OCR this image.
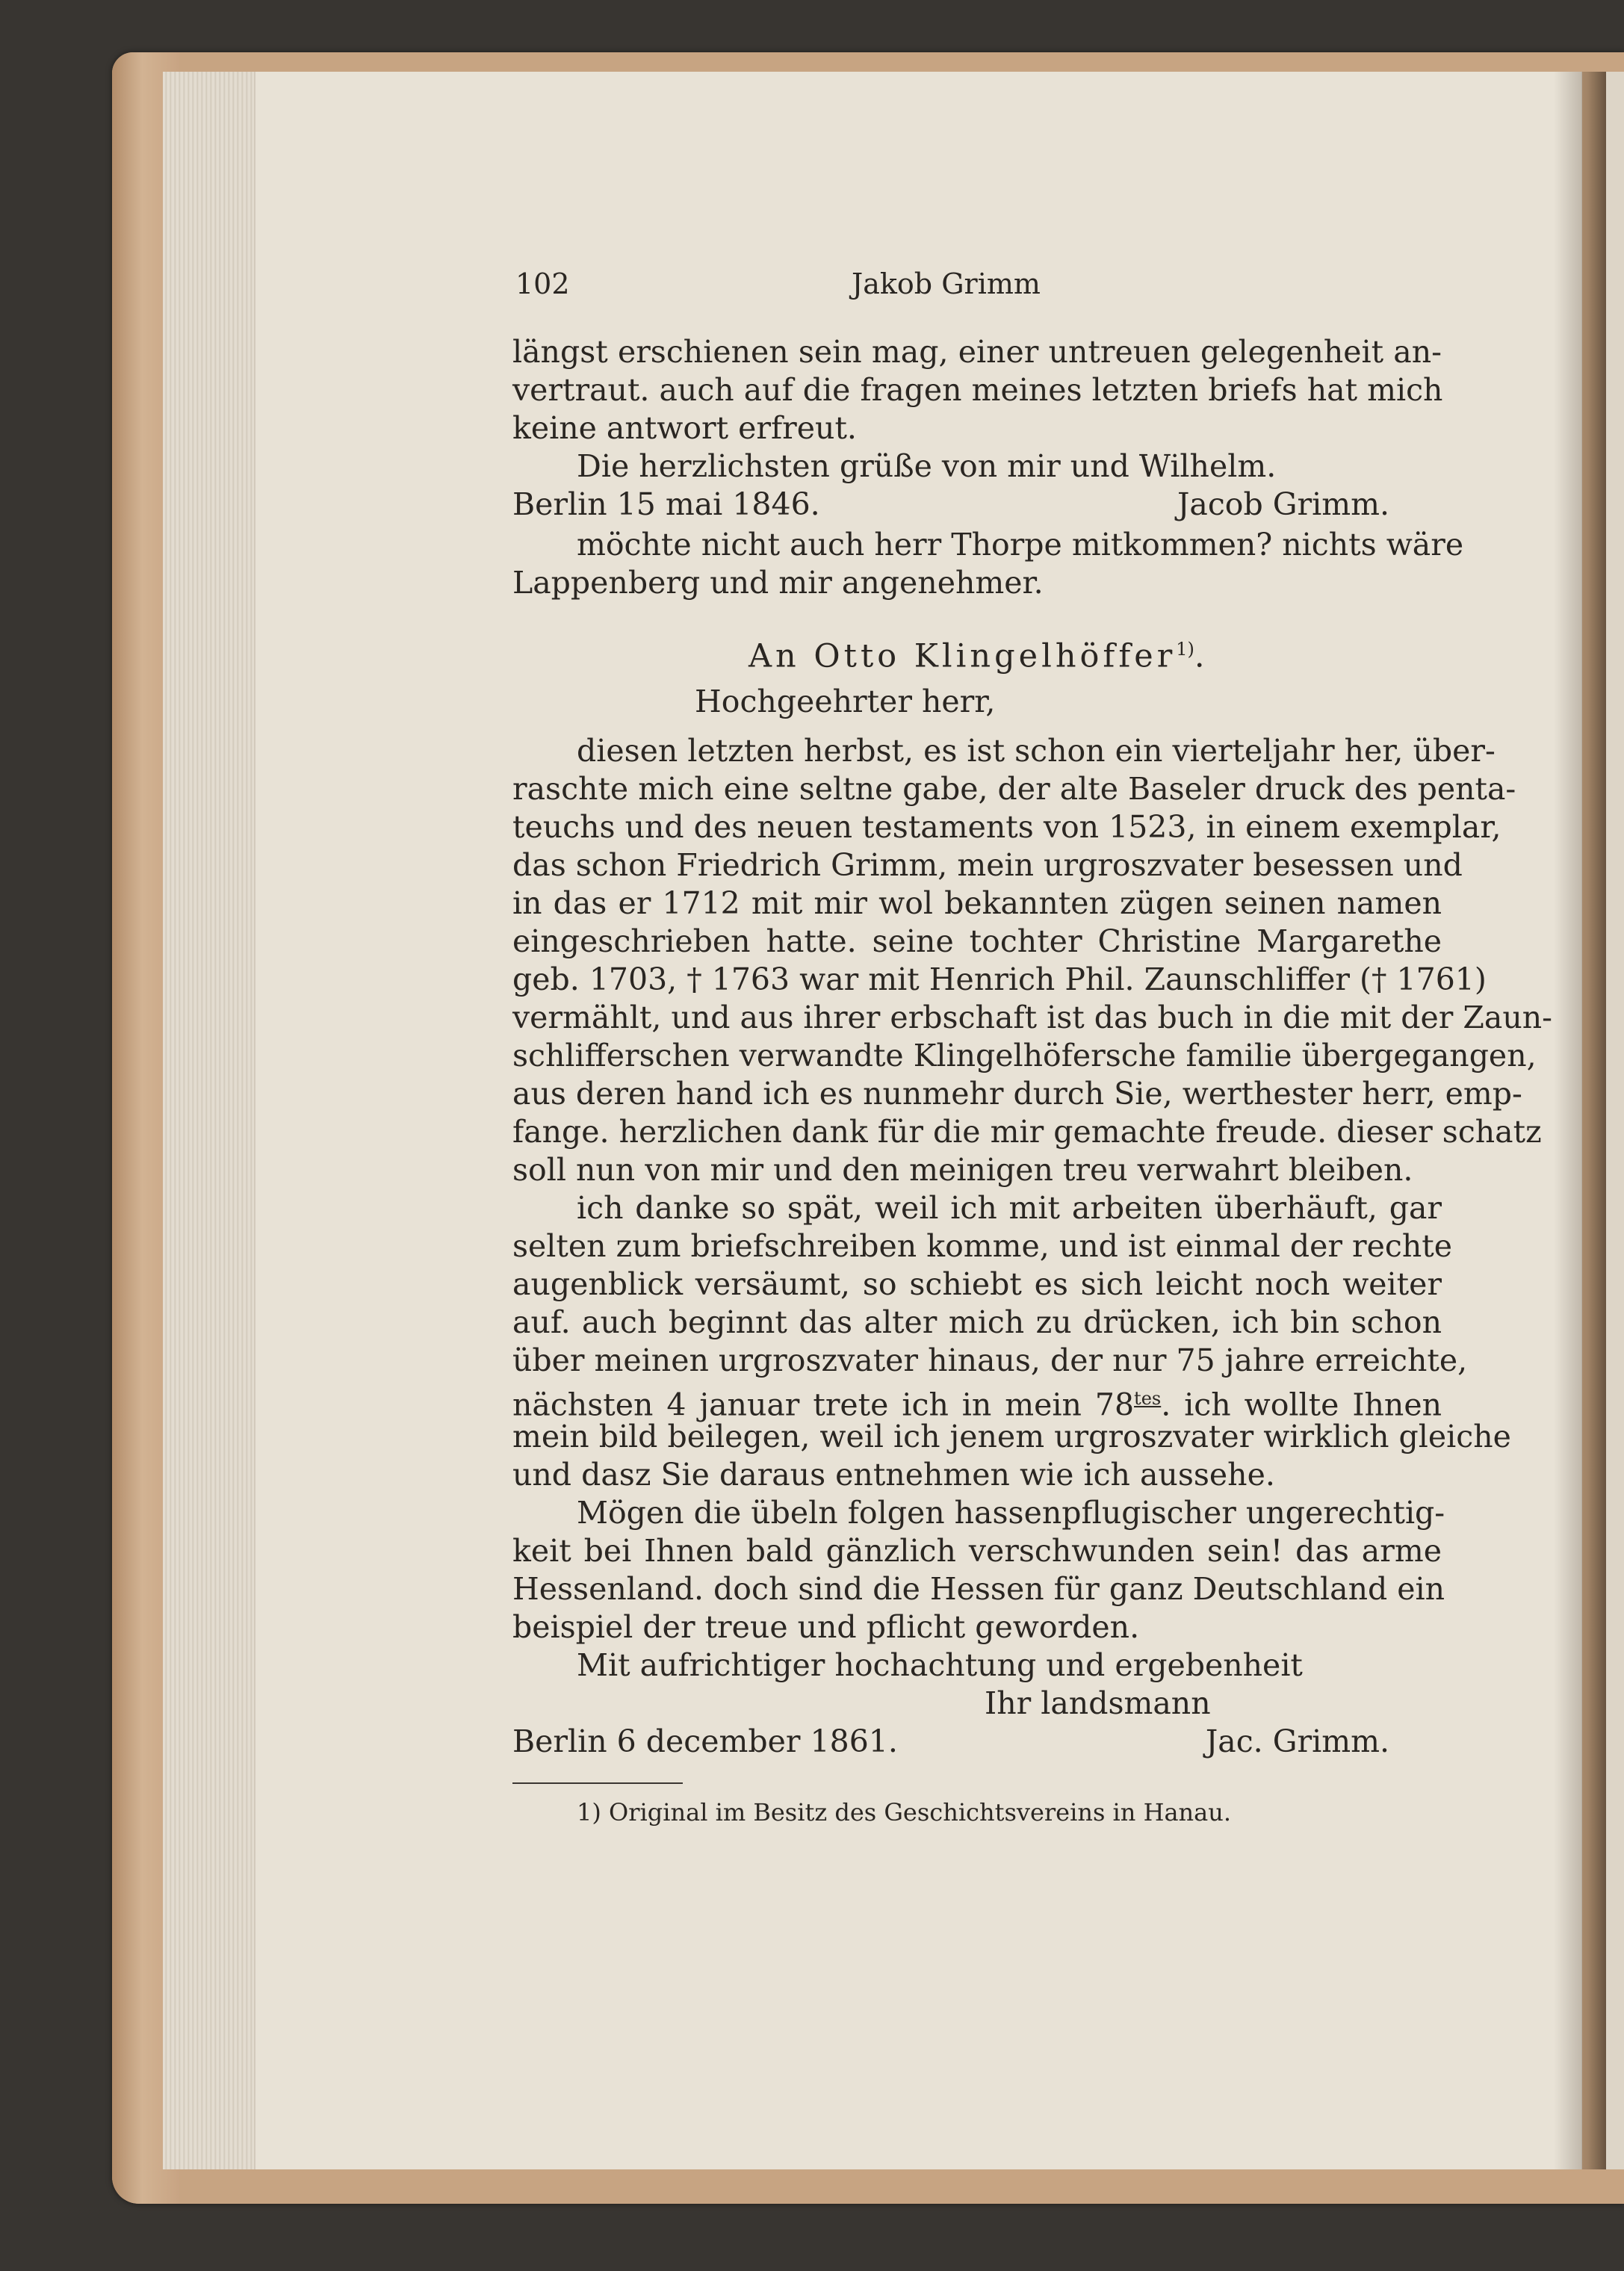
102	Jakob Grimm
längst erschienen sein mag, einer untreuen gelegenheit an-
vertraut. auch auf die fragen meines letzten briefs hat mich
keine antwort erfreut.
Die herzlichsten grüße von mir und Wilhelm.
Berlin 15 mai 1846.	Jacob Grimm.
möchte nicht auch herr Thorpe mitkommen? nichts wäre
Lappenberg und mir angenehmer.
An Otto Klingelhöffer$^{1)}$.
Hochgeehrter herr,
diesen letzten herbst, es ist schon ein vierteljahr her, über-
raschte mich eine seltne gabe, der alte Baseler druck des penta-
teuchs und des neuen testaments von 1523, in einem exemplar,
das schon Friedrich Grimm, mein urgroszvater besessen und
in das er 1712 mit mir wol bekannten zügen seinen namen
eingeschrieben hatte. seine tochter Christine Margarethe
geb. 1703, † 1763 war mit Henrich Phil. Zaunschliffer († 1761)
vermählt, und aus ihrer erbschaft ist das buch in die mit der Zaun-
schlifferschen verwandte Klingelhöfersche familie übergegangen,
aus deren hand ich es nunmehr durch Sie, werthester herr, emp-
fange. herzlichen dank für die mir gemachte freude. dieser schatz
soll nun von mir und den meinigen treu verwahrt bleiben.
ich danke so spät, weil ich mit arbeiten überhäuft, gar
selten zum briefschreiben komme, und ist einmal der rechte
augenblick versäumt, so schiebt es sich leicht noch weiter
auf. auch beginnt das alter mich zu drücken, ich bin schon
über meinen urgroszvater hinaus, der nur 75 jahre erreichte,
nächsten 4 januar trete ich in mein $78^{tes}$. ich wollte Ihnen
mein bild beilegen, weil ich jenem urgroszvater wirklich gleiche
und dasz Sie daraus entnehmen wie ich aussehe.
Mögen die übeln folgen hassenpflugischer ungerechtig-
keit bei Ihnen bald gänzlich verschwunden sein! das arme
Hessenland. doch sind die Hessen für ganz Deutschland ein
beispiel der treue und pflicht geworden.
Mit aufrichtiger hochachtung und ergebenheit
Ihr landsmann
Berlin 6 december 1861.	Jac. Grimm.
1) Original im Besitz des Geschichtsvereins in Hanau.
